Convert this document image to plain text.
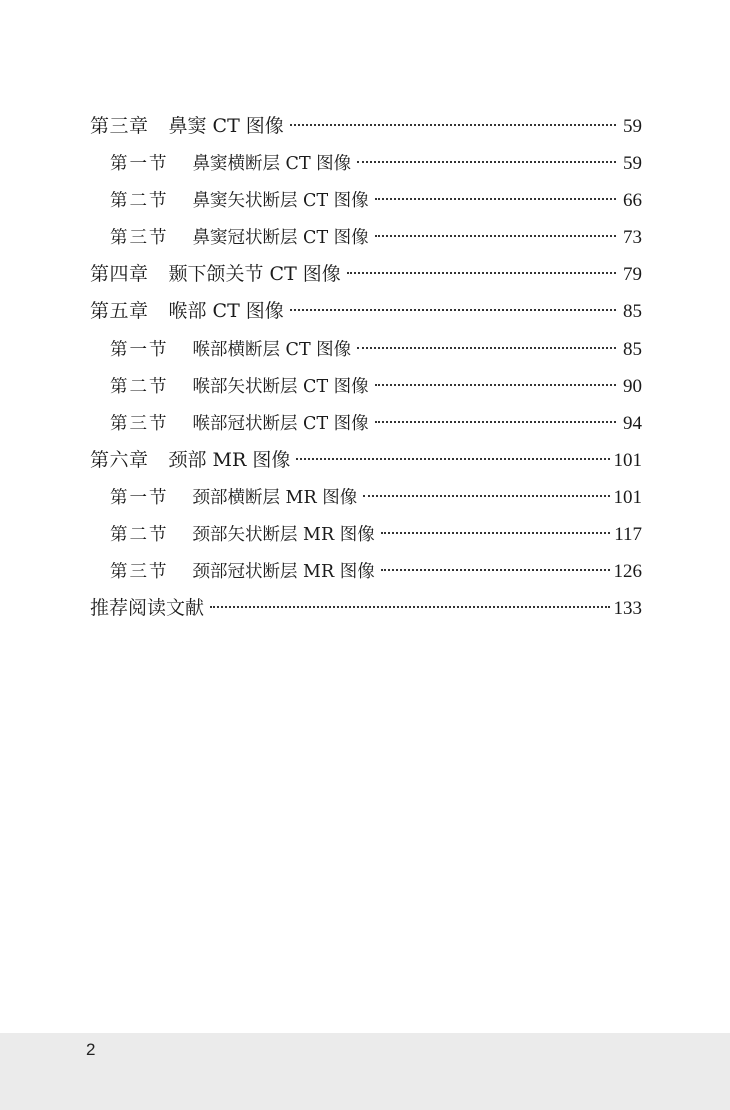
第三章 鼻窦 CT 图像	59
第一节 鼻窦横断层 CT 图像	59
第二节 鼻窦矢状断层 CT 图像	66
第三节 鼻窦冠状断层 CT 图像	73
第四章 颞下颌关节 CT 图像	79
第五章 喉部 CT 图像	85
第一节 喉部横断层 CT 图像	85
第二节 喉部矢状断层 CT 图像	90
第三节 喉部冠状断层 CT 图像	94
第六章 颈部 MR 图像	101
第一节 颈部横断层 MR 图像	101
第二节 颈部矢状断层 MR 图像	117
第三节 颈部冠状断层 MR 图像	126
推荐阅读文献	133
2
